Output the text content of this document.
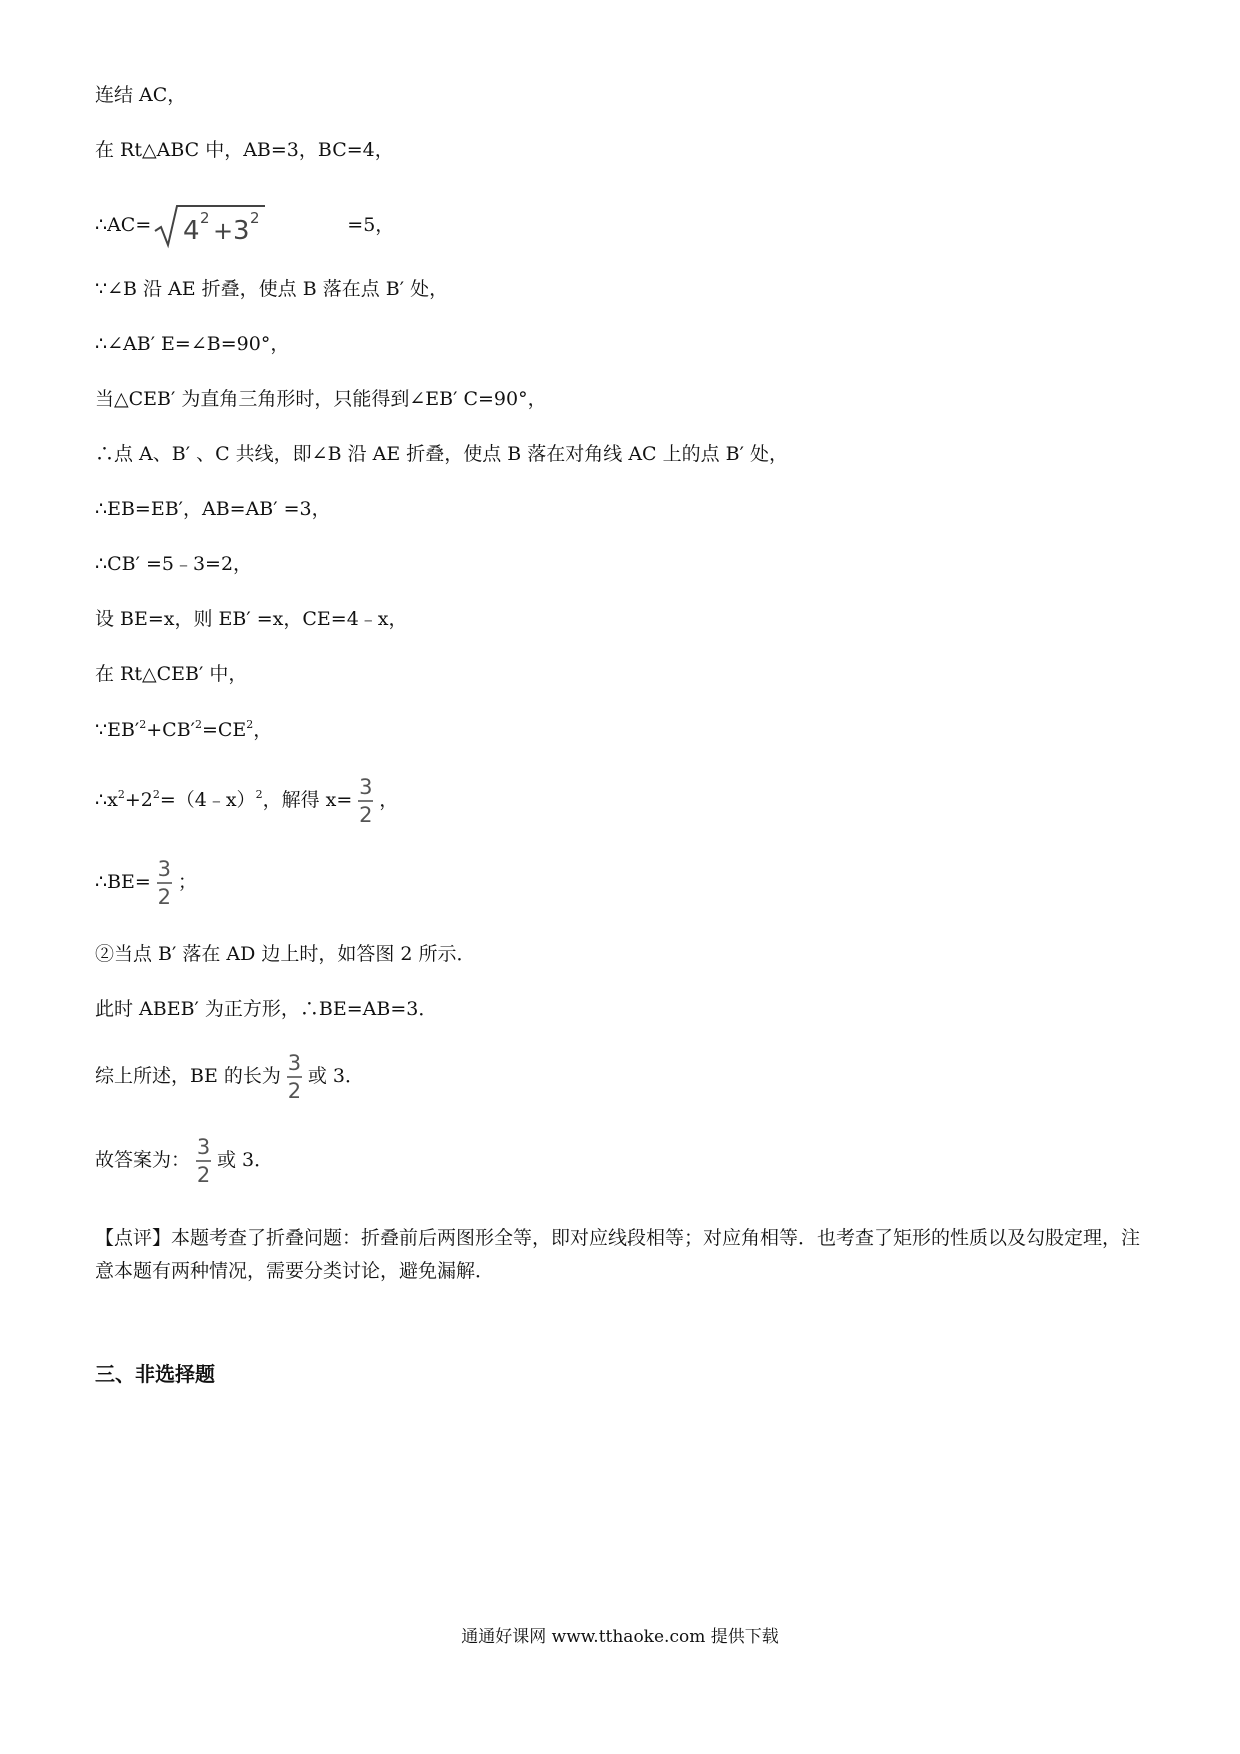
连结 AC，
在 Rt△ABC 中，AB=3，BC=4，
∴AC= 4 2 + 3 2	=5，
∵∠B 沿 AE 折叠，使点 B 落在点 B′ 处，
∴∠AB′ E=∠B=90°，
当△CEB′ 为直角三角形时，只能得到∠EB′ C=90°，
∴点 A、B′ 、C 共线，即∠B 沿 AE 折叠，使点 B 落在对角线 AC 上的点 B′ 处，
∴EB=EB′，AB=AB′ =3，
∴CB′ =5﹣3=2，
设 BE=x，则 EB′ =x，CE=4﹣x，
在 Rt△CEB′ 中，
$\because EB'^2+CB'^2=CE^2$，
$\therefore x^2+2^2=(4﹣x)^2$，解得 $x= \frac{3}{2}$ ，
∴BE= $\frac{3}{2}$ ；
②当点 B′ 落在 AD 边上时，如答图 2 所示．
此时 ABEB′ 为正方形，∴BE=AB=3．
综上所述，BE 的长为 $\frac{3}{2}$ 或 3．
故答案为： $\frac{3}{2}$ 或 3．
【点评】本题考查了折叠问题：折叠前后两图形全等，即对应线段相等；对应角相等．也考查了矩形的性质以及勾股定理，注意本题有两种情况，需要分类讨论，避免漏解．
三、非选择题
通通好课网 www.tthaoke.com 提供下载
